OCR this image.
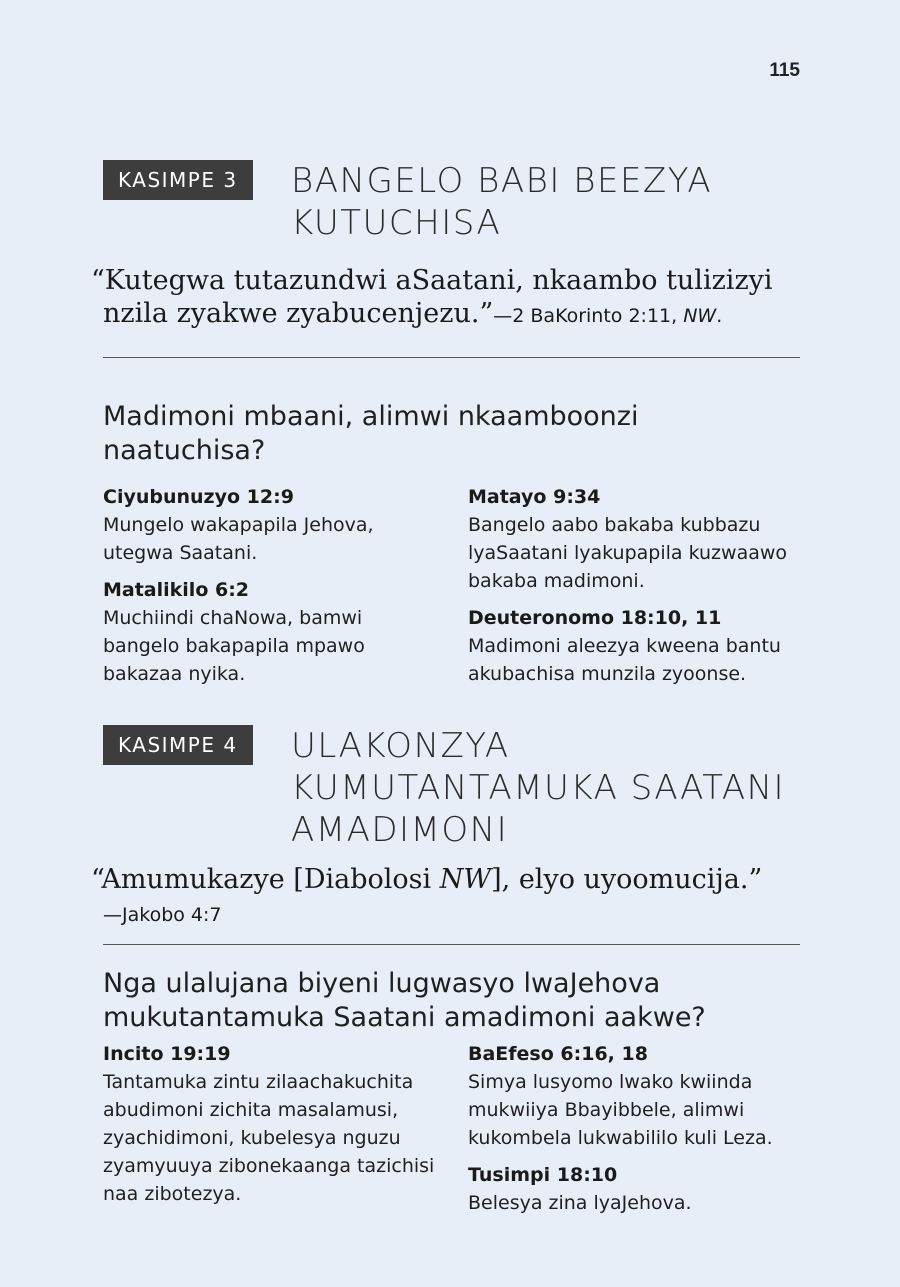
115
KASIMPE 3	BANGELO BABI BEEZYA
KUTUCHISA

“Kutegwa tutazundwi aSaatani, nkaambo tulizizyi nzila zyakwe zyabucenjezu.”—2 BaKorinto 2:11, NW.

Madimoni mbaani, alimwi nkaamboonzi naatuchisa?

Ciyubunuzyo 12:9
Mungelo wakapapila Jehova, utegwa Saatani.
Matalikilo 6:2
Muchiindi chaNowa, bamwi bangelo bakapapila mpawo bakazaa nyika.
Matayo 9:34
Bangelo aabo bakaba kubbazu lyaSaatani lyakupapila kuzwaawo bakaba madimoni.
Deuteronomo 18:10, 11
Madimoni aleezya kweena bantu akubachisa munzila zyoonse.
KASIMPE 4	ULAKONZYA
KUMUTANTAMUKA SAATANI
AMADIMONI

“Amumukazye [Diabolosi NW], elyo uyoomucija.”
—Jakobo 4:7

Nga ulalujana biyeni lugwasyo lwaJehova mukutantamuka Saatani amadimoni aakwe?

Incito 19:19
Tantamuka zintu zilaachakuchita abudimoni zichita masalamusi, zyachidimoni, kubelesya nguzu zyamyuuya zibonekaanga tazichisi naa zibotezya.
BaEfeso 6:16, 18
Simya lusyomo lwako kwiinda mukwiiya Bbayibbele, alimwi kukombela lukwabililo kuli Leza.
Tusimpi 18:10
Belesya zina lyaJehova.
